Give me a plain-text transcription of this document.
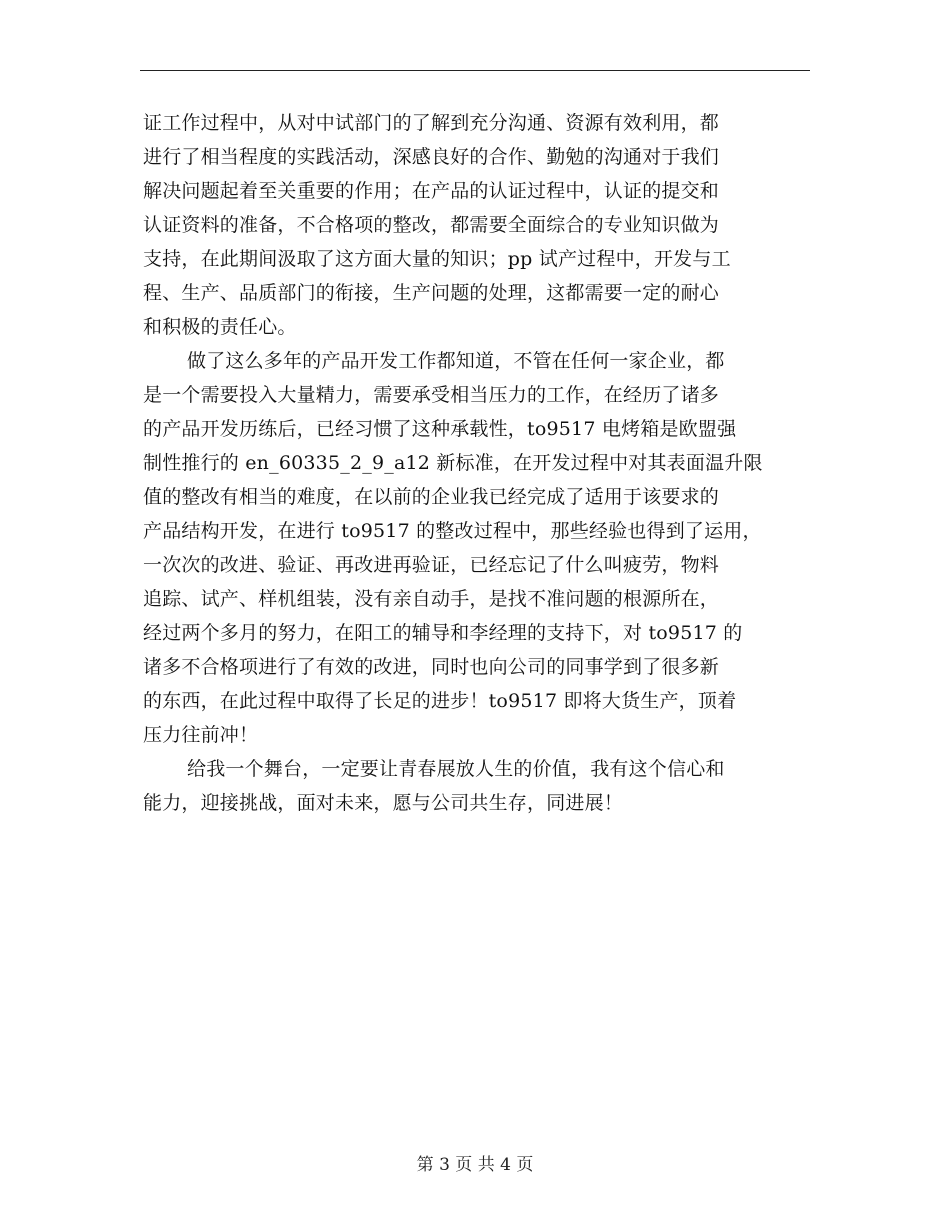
证工作过程中，从对中试部门的了解到充分沟通、资源有效利用，都
进行了相当程度的实践活动，深感良好的合作、勤勉的沟通对于我们
解决问题起着至关重要的作用；在产品的认证过程中，认证的提交和
认证资料的准备，不合格项的整改，都需要全面综合的专业知识做为
支持，在此期间汲取了这方面大量的知识；pp 试产过程中，开发与工
程、生产、品质部门的衔接，生产问题的处理，这都需要一定的耐心
和积极的责任心。
做了这么多年的产品开发工作都知道，不管在任何一家企业，都
是一个需要投入大量精力，需要承受相当压力的工作，在经历了诸多
的产品开发历练后，已经习惯了这种承载性，to9517 电烤箱是欧盟强
制性推行的 en_60335_2_9_a12 新标准，在开发过程中对其表面温升限
值的整改有相当的难度，在以前的企业我已经完成了适用于该要求的
产品结构开发，在进行 to9517 的整改过程中，那些经验也得到了运用，
一次次的改进、验证、再改进再验证，已经忘记了什么叫疲劳，物料
追踪、试产、样机组装，没有亲自动手，是找不准问题的根源所在，
经过两个多月的努力，在阳工的辅导和李经理的支持下，对 to9517 的
诸多不合格项进行了有效的改进，同时也向公司的同事学到了很多新
的东西，在此过程中取得了长足的进步！to9517 即将大货生产，顶着
压力往前冲！
给我一个舞台，一定要让青春展放人生的价值，我有这个信心和
能力，迎接挑战，面对未来，愿与公司共生存，同进展！
第 3 页 共 4 页
